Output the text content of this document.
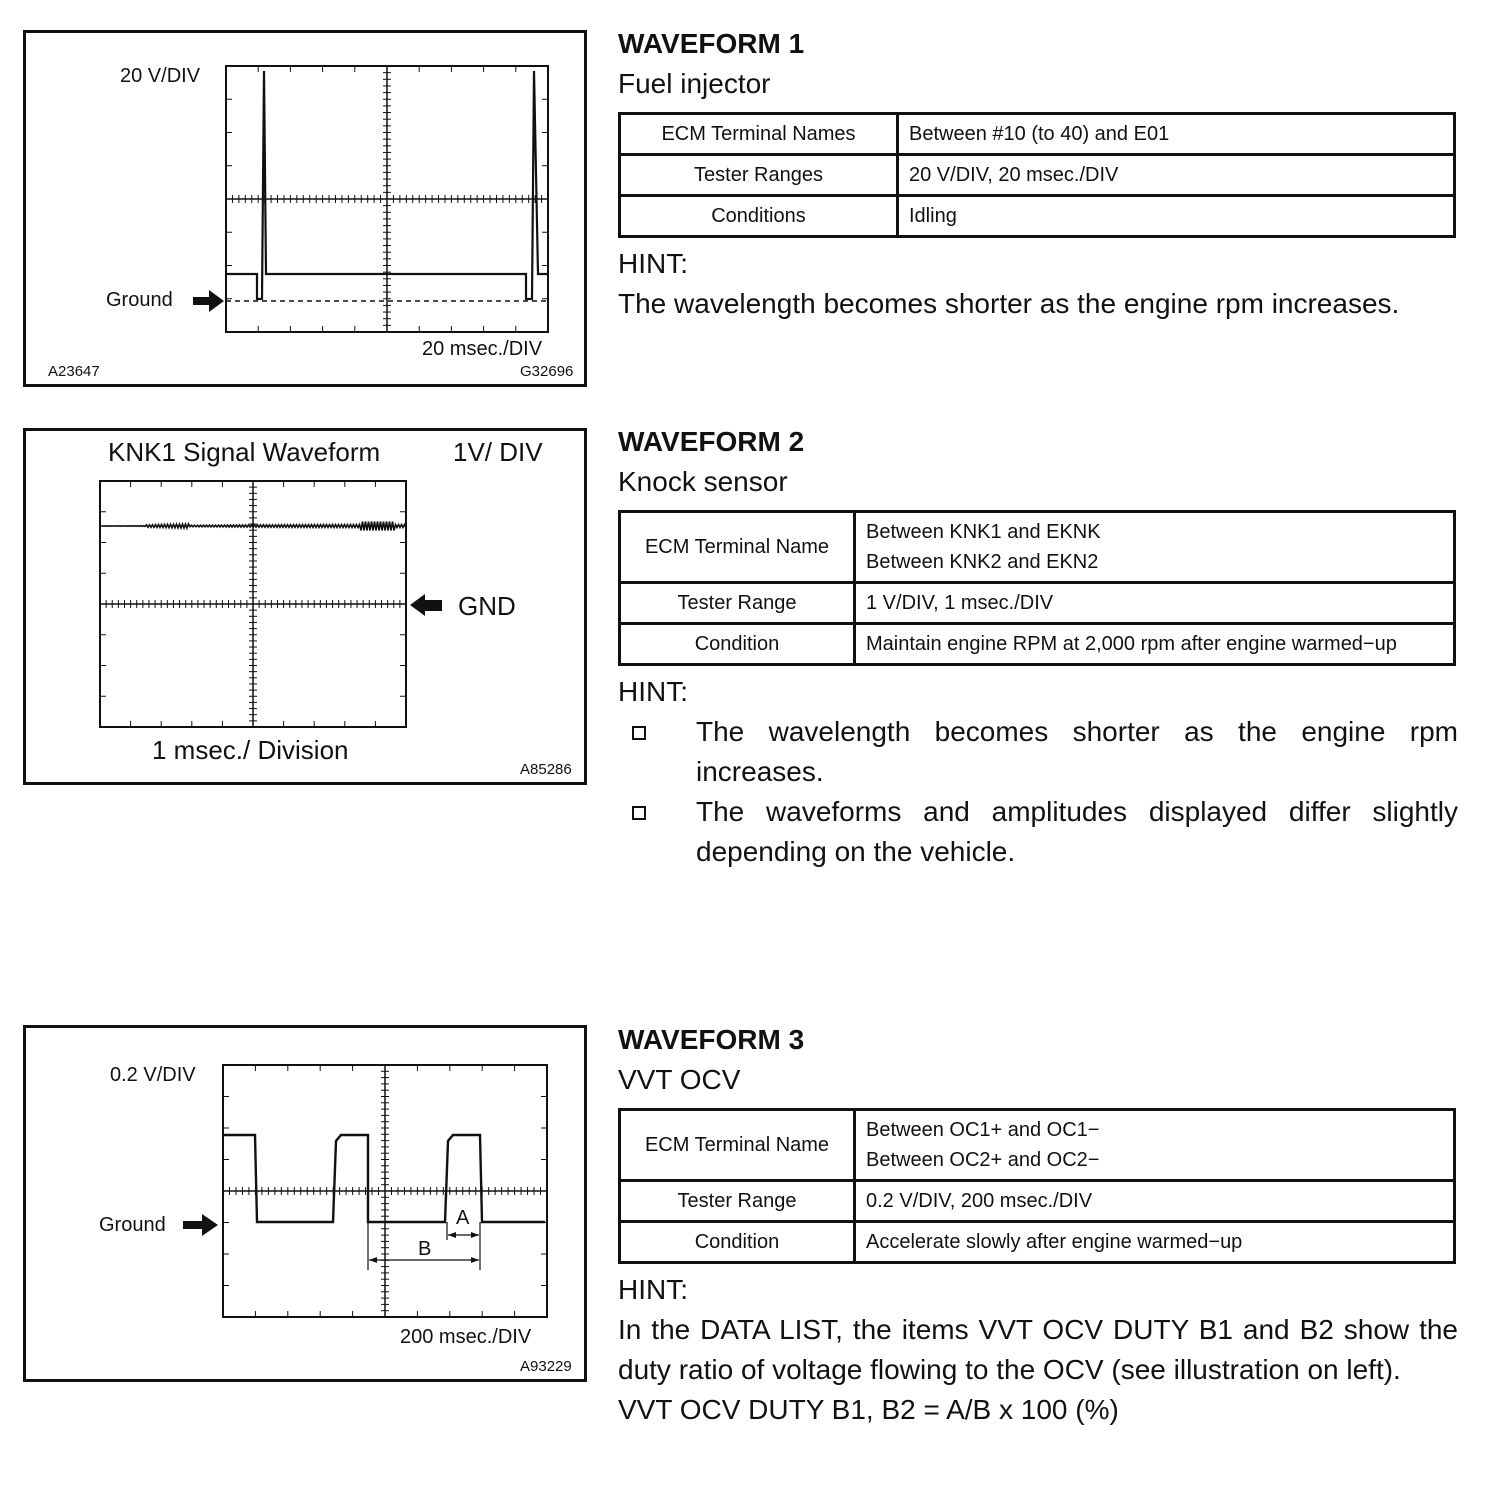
20 V/DIV
Ground
20 msec./DIV
A23647	G32696
WAVEFORM 1
Fuel injector
ECM Terminal Names	Between #10 (to 40) and E01
Tester Ranges	20 V/DIV, 20 msec./DIV
Conditions	Idling
HINT:
The wavelength becomes shorter as the engine rpm increases.
KNK1 Signal Waveform	1V/ DIV
GND
1 msec./ Division
A85286
WAVEFORM 2
Knock sensor
ECM Terminal Name	Between KNK1 and EKNK
Between KNK2 and EKN2

Tester Range	1 V/DIV, 1 msec./DIV
Condition	Maintain engine RPM at 2,000 rpm after engine warmed−up
HINT:
The wavelength becomes shorter as the engine rpm increases.
The waveforms and amplitudes displayed differ slightly depending on the vehicle.
0.2 V/DIV
Ground	A
B
200 msec./DIV
A93229
WAVEFORM 3
VVT OCV
ECM Terminal Name	Between OC1+ and OC1−
Between OC2+ and OC2−

Tester Range	0.2 V/DIV, 200 msec./DIV
Condition	Accelerate slowly after engine warmed−up
HINT:
In the DATA LIST, the items VVT OCV DUTY B1 and B2 show the duty ratio of voltage flowing to the OCV (see illustration on left).
VVT OCV DUTY B1, B2 = A/B x 100 (%)
